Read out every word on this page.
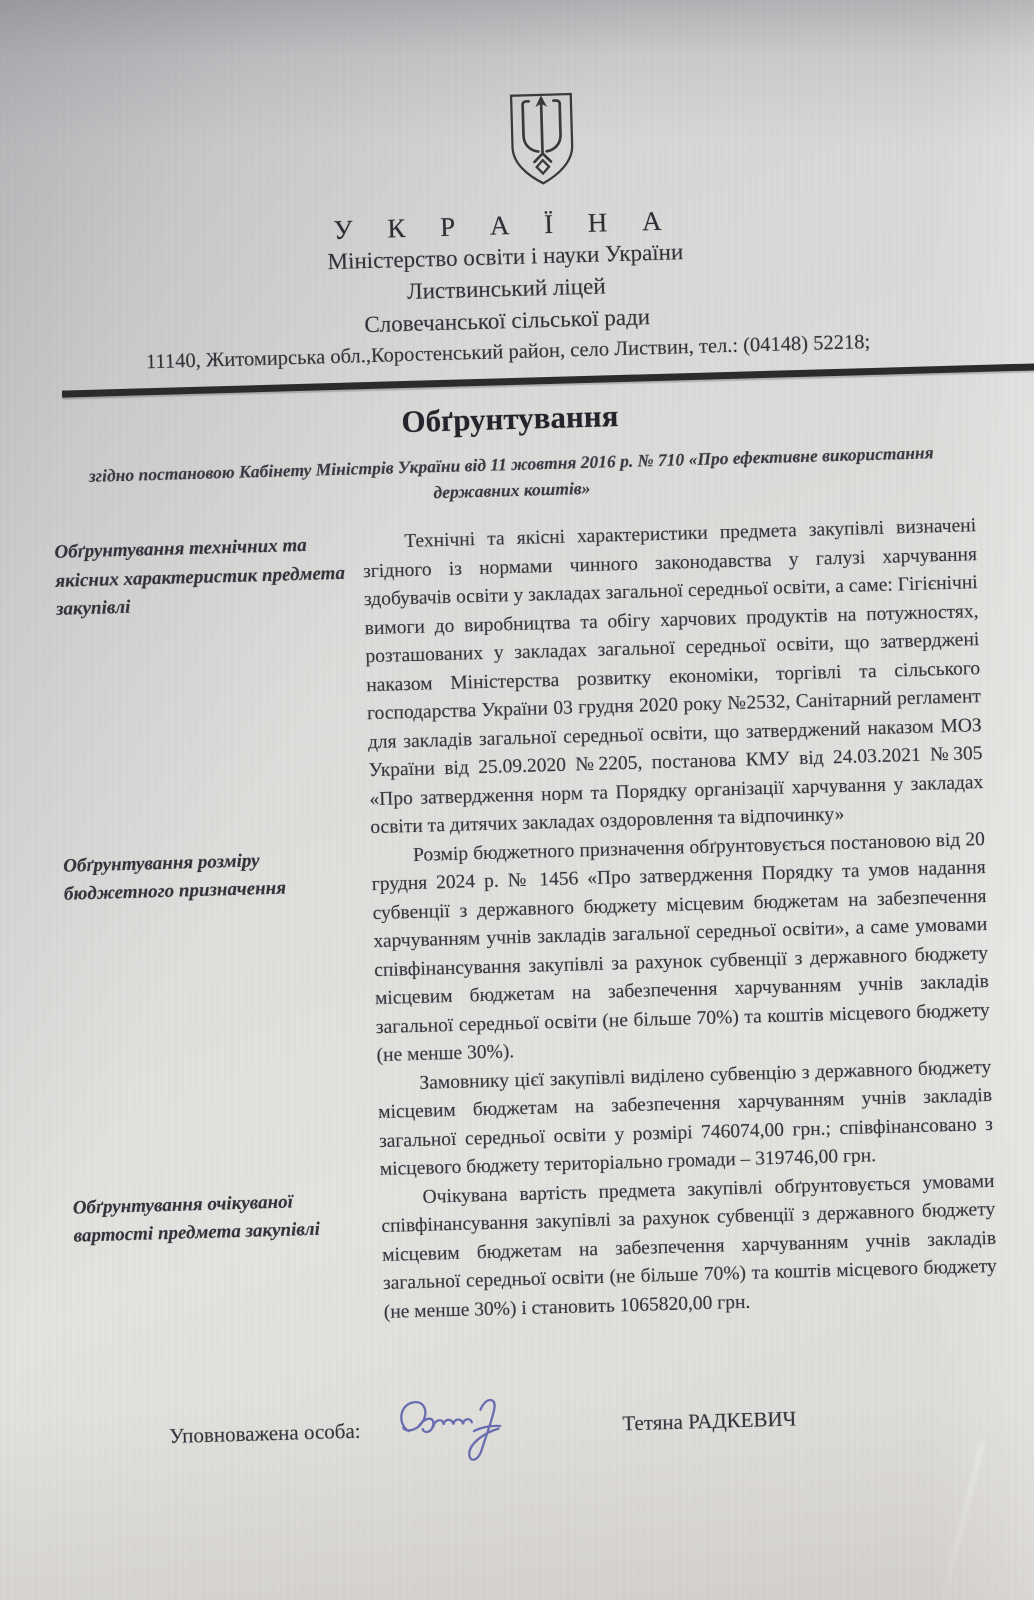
У К Р А Ї Н А
Міністерство освіти і науки України
Листвинський ліцей
Словечанської сільської ради
11140, Житомирська обл.,Коростенський район, село Листвин, тел.: (04148) 52218;
Обґрунтування
згідно постановою Кабінету Міністрів України від 11 жовтня 2016 р. № 710 «Про ефективне використання державних коштів»
Обґрунтування технічних та якісних характеристик предмета закупівлі

Технічні та якісні характеристики предмета закупівлі визначені згідного із нормами чинного законодавства у галузі харчування здобувачів освіти у закладах загальної середньої освіти, а саме: Гігієнічні вимоги до виробництва та обігу харчових продуктів на потужностях, розташованих у закладах загальної середньої освіти, що затверджені наказом Міністерства розвитку економіки, торгівлі та сільського господарства України 03 грудня 2020 року №2532, Санітарний регламент для закладів загальної середньої освіти, що затверджений наказом МОЗ України від 25.09.2020 №2205, постанова КМУ від 24.03.2021 №305 «Про затвердження норм та Порядку організації харчування у закладах освіти та дитячих закладах оздоровлення та відпочинку»

Обґрунтування розміру бюджетного призначення

Розмір бюджетного призначення обґрунтовується постановою від 20 грудня 2024 р. № 1456 «Про затвердження Порядку та умов надання субвенції з державного бюджету місцевим бюджетам на забезпечення харчуванням учнів закладів загальної середньої освіти», а саме умовами співфінансування закупівлі за рахунок субвенції з державного бюджету місцевим бюджетам на забезпечення харчуванням учнів закладів загальної середньої освіти (не більше 70%) та коштів місцевого бюджету (не менше 30%).

Замовнику цієї закупівлі виділено субвенцію з державного бюджету місцевим бюджетам на забезпечення харчуванням учнів закладів загальної середньої освіти у розмірі 746074,00 грн.; співфінансовано з місцевого бюджету територіально громади – 319746,00 грн.

Обґрунтування очікуваної вартості предмета закупівлі

Очікувана вартість предмета закупівлі обґрунтовується умовами співфінансування закупівлі за рахунок субвенції з державного бюджету місцевим бюджетам на забезпечення харчуванням учнів закладів загальної середньої освіти (не більше 70%) та коштів місцевого бюджету (не менше 30%) і становить 1065820,00 грн.

Уповноважена особа:	Тетяна РАДКЕВИЧ
